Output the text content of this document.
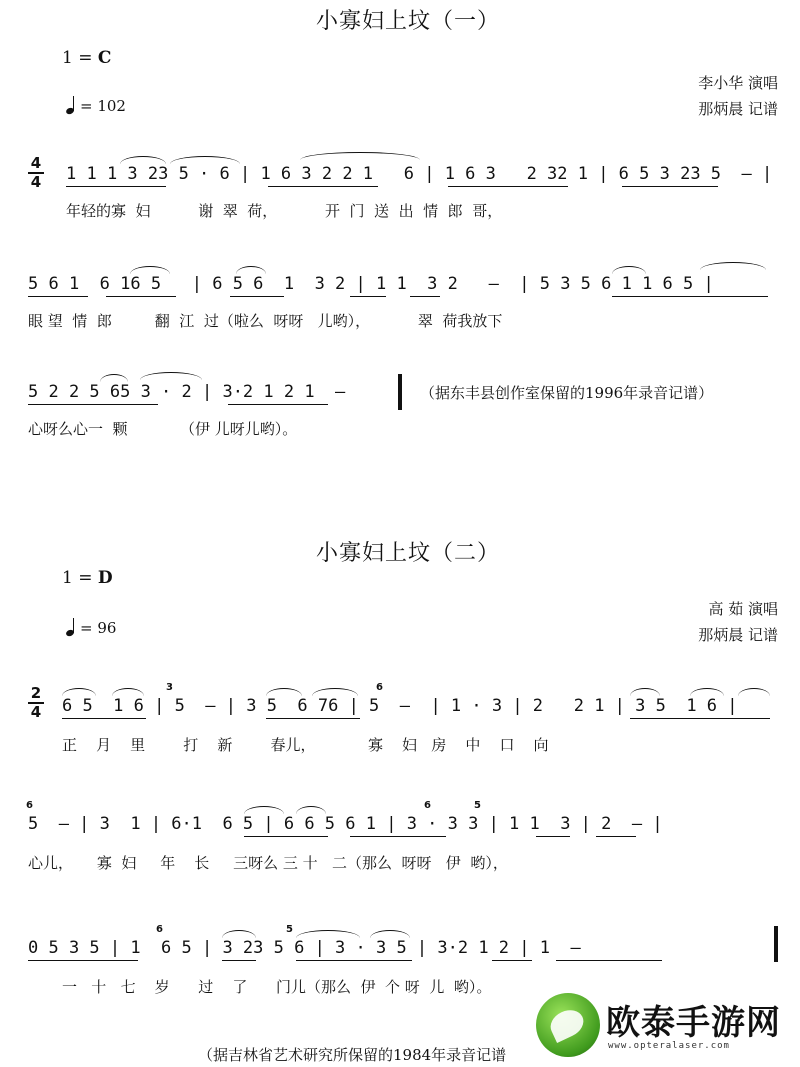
小寡妇上坟（一）
1 = C
= 102
李小华 演唱
那炳晨 记谱
4
4 1 1 1 3 23 5 · 6 | 1 6 3 2 2 1   6 | 1 6 3   2 32 1 | 6 5 3 23 5  – |
年轻的寡  妇          谢  翠  荷，          开  门  送  出  情  郎  哥，
5 6 1  6 16 5   | 6 5 6  1  3 2 | 1 1  3 2   –  | 5 3 5 6 1 1 6 5 |
眼 望  情  郎         翻  江  过（啦么  呀呀   儿哟），          翠  荷我放下
5 2 2 5 65 3 · 2 | 3·2 1 2 1  –	（据东丰县创作室保留的1996年录音记谱）
心呀么心一  颗           （伊 儿呀儿哟）。
小寡妇上坟（二）
1 = D
= 96
高 茹 演唱
那炳晨 记谱
2
4 6 5  1 6 | 5  – | 3 5  6 76 | 5  –  | 1 · 3 | 2   2 1 | 3 5  1 6 |
3	6
正    月    里        打    新        春儿，           寡    妇   房    中    口    向
5  – | 3  1 | 6·1  6 5 | 6 6 5 6 1 | 3 · 3 3 | 1 1  3 | 2  – |
6	6	5
心儿，     寡  妇     年    长     三呀么 三 十   二（那么  呀呀   伊  哟），
0 5 3 5 | 1  6 5 | 3 23 5 6 | 3 · 3 5 | 3·2 1 2 | 1  –
6	5
一   十   七    岁      过    了      门儿（那么  伊  个 呀  儿  哟）。
（据吉林省艺术研究所保留的1984年录音记谱
欧泰手游网
www.opteralaser.com
